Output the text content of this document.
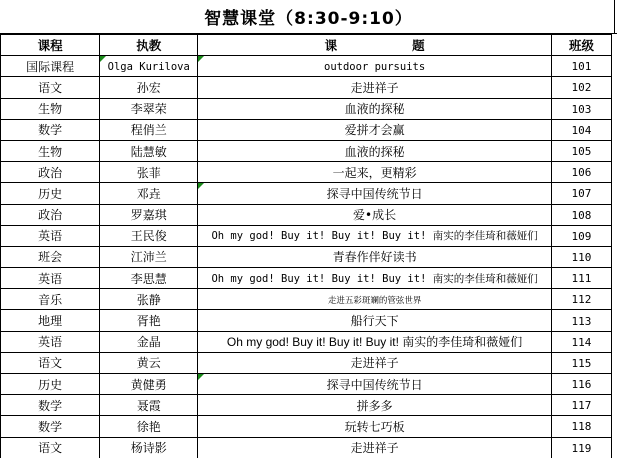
智慧课堂（8:30-9:10）
课程	执教	课　　　　　　题	班级
国际课程	Olga Kurilova	outdoor pursuits	101
语文	孙宏	走进祥子	102
生物	李翠荣	血液的探秘	103
数学	程俏兰	爱拼才会赢	104
生物	陆慧敏	血液的探秘	105
政治	张菲	一起来，更精彩	106
历史	邓垚	探寻中国传统节日	107
政治	罗嘉琪	爱•成长	108
英语	王民俊	Oh my god! Buy it! Buy it! Buy it! 南实的李佳琦和薇娅们	109
班会	江沛兰	青春作伴好读书	110
英语	李思慧	Oh my god! Buy it! Buy it! Buy it! 南实的李佳琦和薇娅们	111
音乐	张静	走进五彩斑斓的管弦世界	112
地理	胥艳	船行天下	113
英语	金晶	Oh my god! Buy it! Buy it! Buy it! 南实的李佳琦和薇娅们	114
语文	黄云	走进祥子	115
历史	黄健勇	探寻中国传统节日	116
数学	聂霞	拼多多	117
数学	徐艳	玩转七巧板	118
语文	杨诗影	走进祥子	119
